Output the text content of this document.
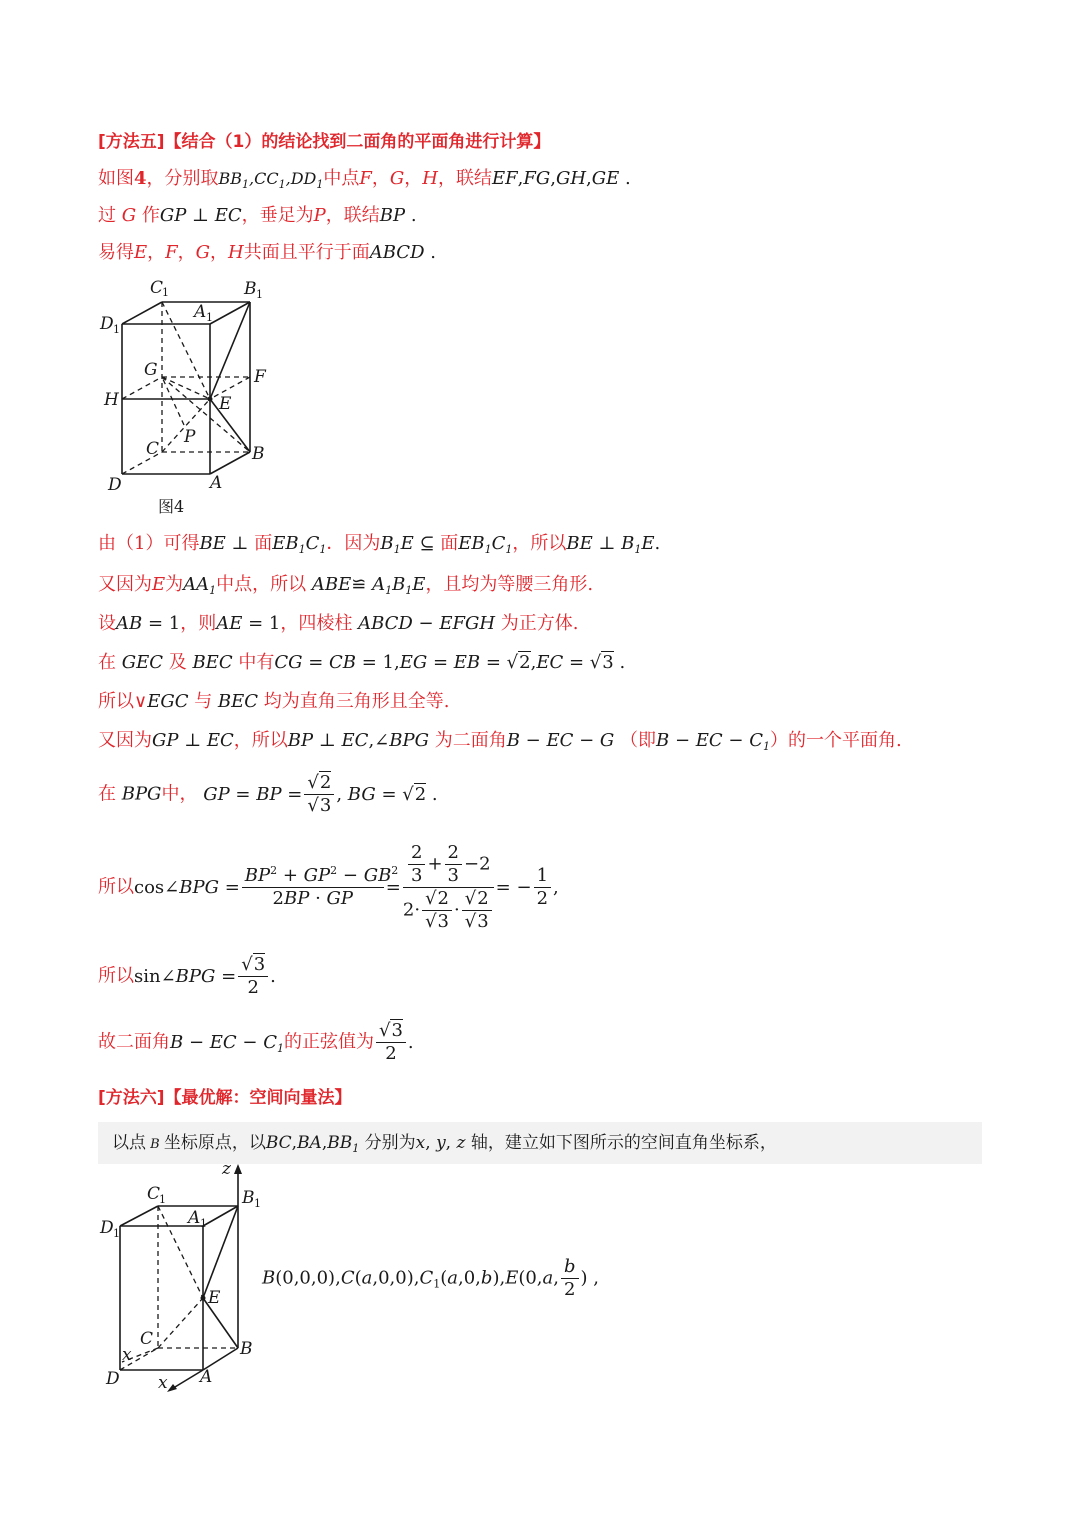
[方法五]【结合（1）的结论找到二面角的平面角进行计算】
如图4，分别取$BB_1,CC_1,DD_1$中点F，G，H，联结EF,FG,GH,GE .
过 G 作GP ⊥ EC，垂足为P，联结BP .
易得E，F，G，H共面且平行于面ABCD .
C
1	B 1
A 1
D 1
G	F
H	E
P
C	B
D	A
图4
由（1）可得BE ⊥ 面$EB_1C_1$．因为$B_1E$ ⊆ 面$EB_1C_1$，所以BE ⊥ $B_1E$.
又因为E为$AA_1$中点，所以 ABE≌ $A_1B_1E$，且均为等腰三角形.
设AB = 1，则AE = 1，四棱柱 ABCD − EFGH 为正方体.
在 GEC 及 BEC 中有CG = CB = 1,EG = EB = √2,EC = √3 .
所以∨EGC 与 BEC 均为直角三角形且全等.
又因为GP ⊥ EC，所以BP ⊥ EC,∠BPG 为二面角B − EC − G （即B − EC − $C_1$）的一个平面角.
在 BPG中， GP = BP = $\frac{√2}{√3}$ , BG = √2 .
所以cos∠BPG = $\frac{BP^2 + GP^2 - GB^2}{2BP \cdot GP} = \frac{\frac{2}{3} + \frac{2}{3} -2}{2\cdot \frac{√2}{√3} \cdot \frac{√2}{√3}}$ = − $\frac{1}{2}$ ,
所以sin∠BPG = $\frac{√3}{2}$ .
故二面角B − EC − $C_1$的正弦值为 $\frac{√3}{2}$ .
[方法六]【最优解：空间向量法】
以点 B 坐标原点，以$BC,BA,BB_1$ 分别为x, y, z 轴，建立如下图所示的空间直角坐标系，
z
C
1	B 1
A 1
D 1
E
C	B
x
D	A
x
$B(0,0,0),C(a,0,0),C_1(a,0,b),E(0,a$, $\frac{b}{2}$ ) ,
